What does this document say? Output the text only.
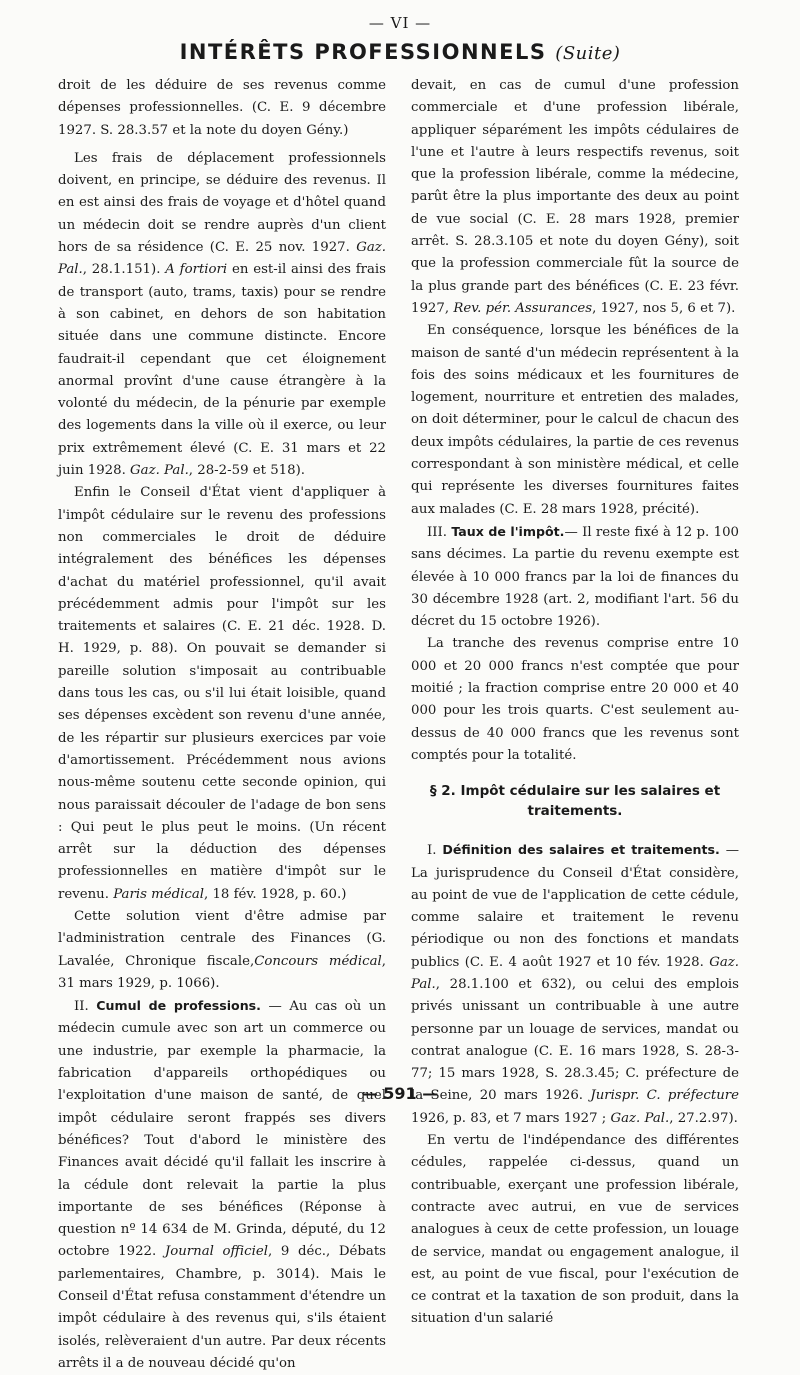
— VI —
INTÉRÊTS PROFESSIONNELS (Suite)

droit de les déduire de ses revenus comme dépenses professionnelles. (C. E. 9 décembre 1927. S. 28.3.57 et la note du doyen Gény.)

Les frais de déplacement professionnels doivent, en principe, se déduire des revenus. Il en est ainsi des frais de voyage et d'hôtel quand un médecin doit se rendre auprès d'un client hors de sa résidence (C. E. 25 nov. 1927. Gaz. Pal., 28.1.151). A fortiori en est-il ainsi des frais de transport (auto, trams, taxis) pour se rendre à son cabinet, en dehors de son habitation située dans une commune distincte. Encore faudrait-il cependant que cet éloignement anormal provînt d'une cause étrangère à la volonté du médecin, de la pénurie par exemple des logements dans la ville où il exerce, ou leur prix extrêmement élevé (C. E. 31 mars et 22 juin 1928. Gaz. Pal., 28-2-59 et 518).

Enfin le Conseil d'État vient d'appliquer à l'impôt cédulaire sur le revenu des professions non commerciales le droit de déduire intégralement des bénéfices les dépenses d'achat du matériel professionnel, qu'il avait précédemment admis pour l'impôt sur les traitements et salaires (C. E. 21 déc. 1928. D. H. 1929, p. 88). On pouvait se demander si pareille solution s'imposait au contribuable dans tous les cas, ou s'il lui était loisible, quand ses dépenses excèdent son revenu d'une année, de les répartir sur plusieurs exercices par voie d'amortissement. Précédemment nous avions nous-même soutenu cette seconde opinion, qui nous paraissait découler de l'adage de bon sens : Qui peut le plus peut le moins. (Un récent arrêt sur la déduction des dépenses professionnelles en matière d'impôt sur le revenu. Paris médical, 18 fév. 1928, p. 60.)

Cette solution vient d'être admise par l'administration centrale des Finances (G. Lavalée, Chronique fiscale,Concours médical, 31 mars 1929, p. 1066).

II. Cumul de professions. — Au cas où un médecin cumule avec son art un commerce ou une industrie, par exemple la pharmacie, la fabrication d'appareils orthopédiques ou l'exploitation d'une maison de santé, de quel impôt cédulaire seront frappés ses divers bénéfices? Tout d'abord le ministère des Finances avait décidé qu'il fallait les inscrire à la cédule dont relevait la partie la plus importante de ses bénéfices (Réponse à question nº 14 634 de M. Grinda, député, du 12 octobre 1922. Journal officiel, 9 déc., Débats parlementaires, Chambre, p. 3014). Mais le Conseil d'État refusa constamment d'étendre un impôt cédulaire à des revenus qui, s'ils étaient isolés, relèveraient d'un autre. Par deux récents arrêts il a de nouveau décidé qu'on

devait, en cas de cumul d'une profession commerciale et d'une profession libérale, appliquer séparément les impôts cédulaires de l'une et l'autre à leurs respectifs revenus, soit que la profession libérale, comme la médecine, parût être la plus importante des deux au point de vue social (C. E. 28 mars 1928, premier arrêt. S. 28.3.105 et note du doyen Gény), soit que la profession commerciale fût la source de la plus grande part des bénéfices (C. E. 23 févr. 1927, Rev. pér. Assurances, 1927, nos 5, 6 et 7).

En conséquence, lorsque les bénéfices de la maison de santé d'un médecin représentent à la fois des soins médicaux et les fournitures de logement, nourriture et entretien des malades, on doit déterminer, pour le calcul de chacun des deux impôts cédulaires, la partie de ces revenus correspondant à son ministère médical, et celle qui représente les diverses fournitures faites aux malades (C. E. 28 mars 1928, précité).

III. Taux de l'impôt.— Il reste fixé à 12 p. 100 sans décimes. La partie du revenu exempte est élevée à 10 000 francs par la loi de finances du 30 décembre 1928 (art. 2, modifiant l'art. 56 du décret du 15 octobre 1926).

La tranche des revenus comprise entre 10 000 et 20 000 francs n'est comptée que pour moitié ; la fraction comprise entre 20 000 et 40 000 pour les trois quarts. C'est seulement au-dessus de 40 000 francs que les revenus sont comptés pour la totalité.

§ 2. Impôt cédulaire sur les salaires et traitements.

I. Définition des salaires et traitements. — La jurisprudence du Conseil d'État considère, au point de vue de l'application de cette cédule, comme salaire et traitement le revenu périodique ou non des fonctions et mandats publics (C. E. 4 août 1927 et 10 fév. 1928. Gaz. Pal., 28.1.100 et 632), ou celui des emplois privés unissant un contribuable à une autre personne par un louage de services, mandat ou contrat analogue (C. E. 16 mars 1928, S. 28-3-77; 15 mars 1928, S. 28.3.45; C. préfecture de la Seine, 20 mars 1926. Jurispr. C. préfecture 1926, p. 83, et 7 mars 1927 ; Gaz. Pal., 27.2.97).

En vertu de l'indépendance des différentes cédules, rappelée ci-dessus, quand un contribuable, exerçant une profession libérale, contracte avec autrui, en vue de services analogues à ceux de cette profession, un louage de service, mandat ou engagement analogue, il est, au point de vue fiscal, pour l'exécution de ce contrat et la taxation de son produit, dans la situation d'un salarié

— 591 —
